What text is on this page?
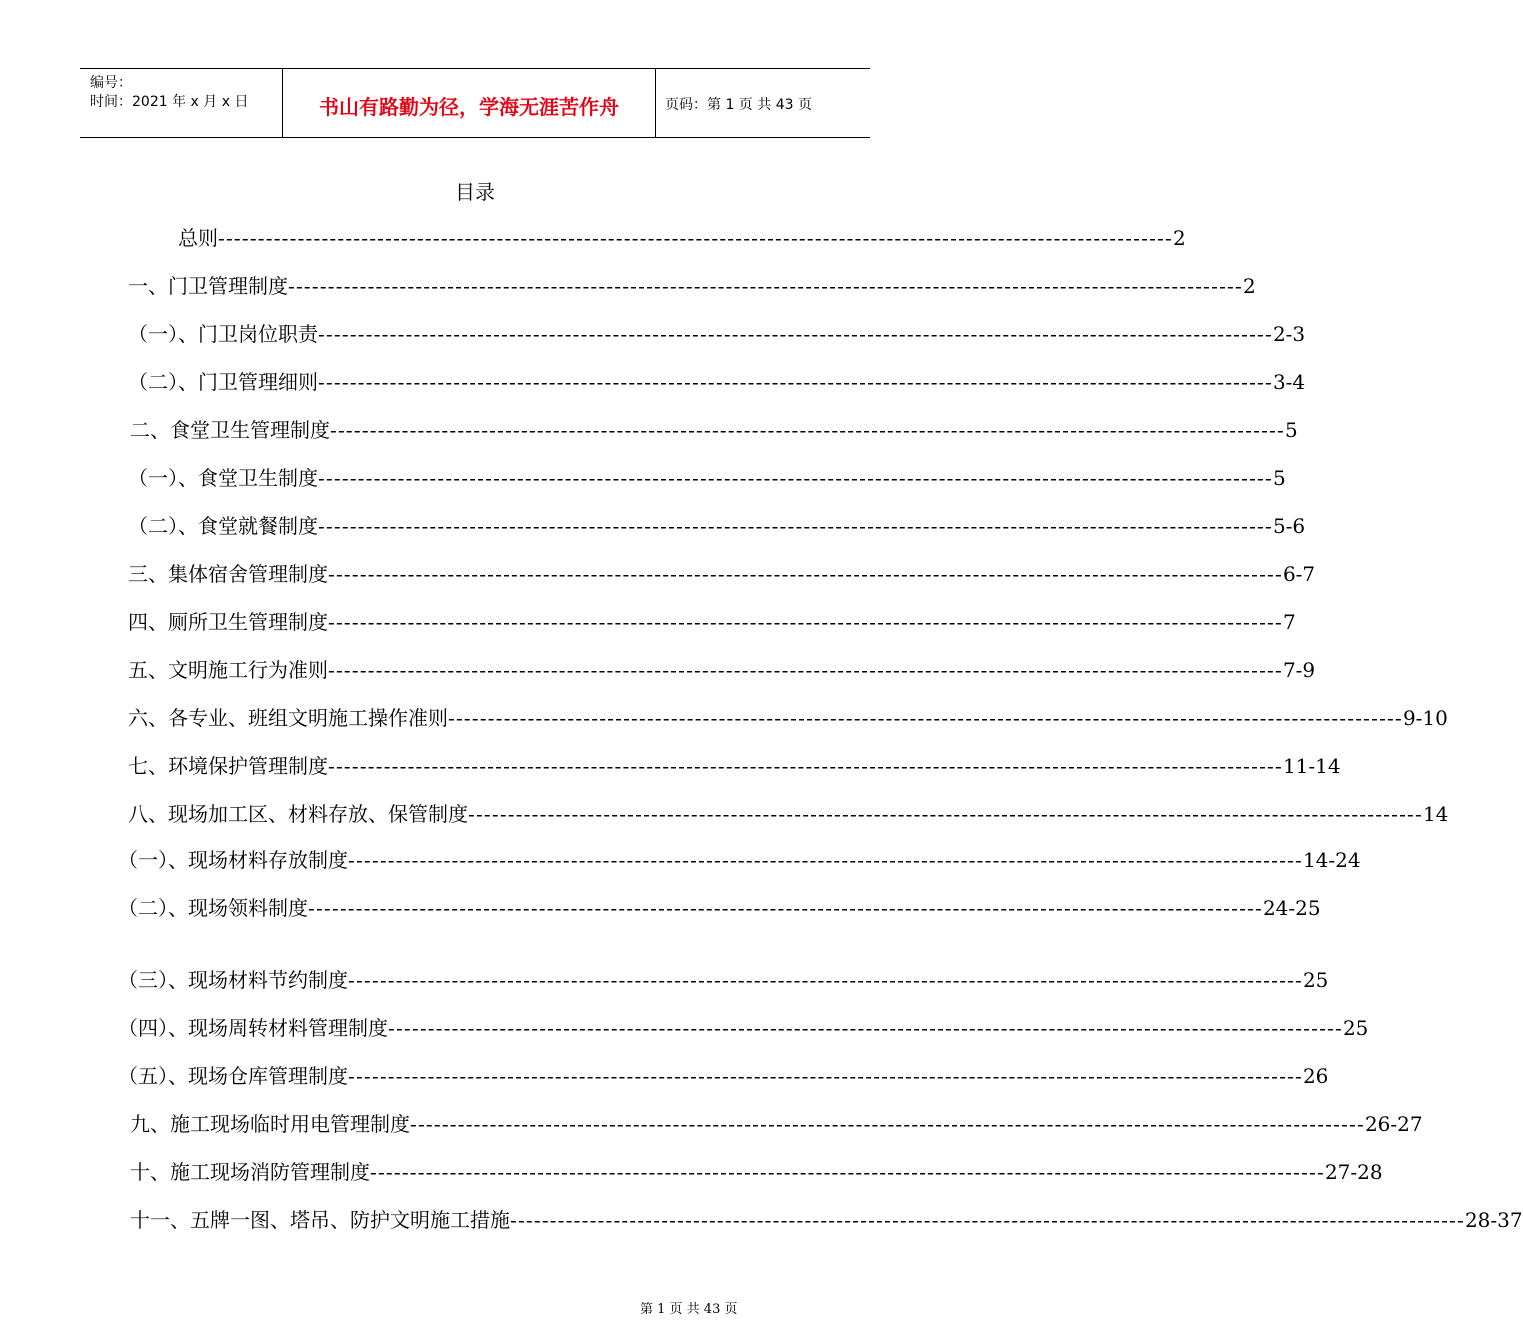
编号：
时间：2021 年 x 月 x 日	书山有路勤为径，学海无涯苦作舟	页码：第 1 页 共 43 页
目录
总则 ------------------------------------------------------------------------------------------------------------------------ 2
一、门卫管理制度 ------------------------------------------------------------------------------------------------------------------------ 2
（一）、门卫岗位职责 ------------------------------------------------------------------------------------------------------------------------ 2-3
（二）、门卫管理细则 ------------------------------------------------------------------------------------------------------------------------ 3-4
二、食堂卫生管理制度 ------------------------------------------------------------------------------------------------------------------------ 5
（一）、食堂卫生制度 ------------------------------------------------------------------------------------------------------------------------ 5
（二）、食堂就餐制度 ------------------------------------------------------------------------------------------------------------------------ 5-6
三、集体宿舍管理制度 ------------------------------------------------------------------------------------------------------------------------ 6-7
四、厕所卫生管理制度 ------------------------------------------------------------------------------------------------------------------------ 7
五、文明施工行为准则 ------------------------------------------------------------------------------------------------------------------------ 7-9
六、各专业、班组文明施工操作准则 ------------------------------------------------------------------------------------------------------------------------ 9-10
七、环境保护管理制度 ------------------------------------------------------------------------------------------------------------------------ 11-14
八、现场加工区、材料存放、保管制度 ------------------------------------------------------------------------------------------------------------------------ 14
（一）、现场材料存放制度 ------------------------------------------------------------------------------------------------------------------------ 14-24
（二）、现场领料制度 ------------------------------------------------------------------------------------------------------------------------ 24-25
（三）、现场材料节约制度 ------------------------------------------------------------------------------------------------------------------------ 25
（四）、现场周转材料管理制度 ------------------------------------------------------------------------------------------------------------------------ 25
（五）、现场仓库管理制度 ------------------------------------------------------------------------------------------------------------------------ 26
九、施工现场临时用电管理制度 ------------------------------------------------------------------------------------------------------------------------ 26-27
十、施工现场消防管理制度 ------------------------------------------------------------------------------------------------------------------------ 27-28
十一、五牌一图、塔吊、防护文明施工措施 ------------------------------------------------------------------------------------------------------------------------ 28-37
第 1 页 共 43 页
